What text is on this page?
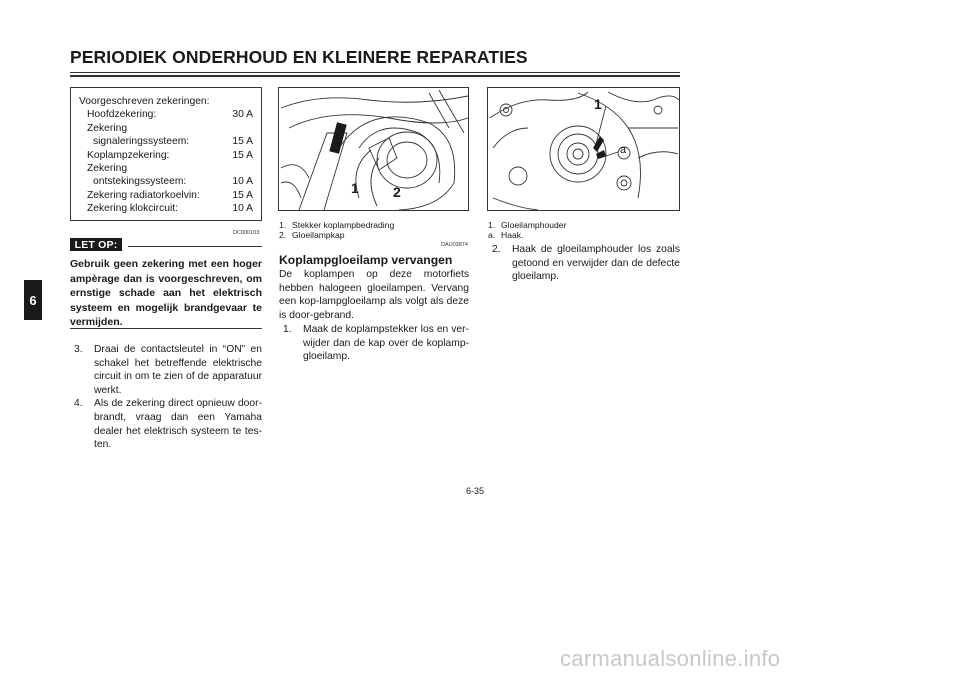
PERIODIEK ONDERHOUD EN KLEINERE REPARATIES
6
Voorgeschreven zekeringen:
Hoofdzekering:	30 A
Zekering
signaleringssysteem:	15 A
Koplampzekering:	15 A
Zekering
ontstekingssysteem:	10 A
Zekering radiatorkoelvin:	15 A
Zekering klokcircuit:	10 A
DC000103
LET OP:
Gebruik geen zekering met een hoger ampèrage dan is voorgeschreven, om ernstige schade aan het elektrisch systeem en mogelijk brandgevaar te vermijden.
3.	Draai de contactsleutel in “ON” en schakel het betreffende elektrische circuit in om te zien of de apparatuur werkt.
4.	Als de zekering direct opnieuw door-brandt, vraag dan een Yamaha dealer het elektrisch systeem te tes-ten.
1 2
1. Stekker koplampbedrading
2. Gloeilampkap
DAU03874
Koplampgloeilamp vervangen
De koplampen op deze motorfiets hebben halogeen gloeilampen. Vervang een kop-lampgloeilamp als volgt als deze is door-gebrand.
1.	Maak de koplampstekker los en ver-wijder dan de kap over de koplamp-gloeilamp.
1
a
1. Gloeilamphouder
a. Haak.
2.	Haak de gloeilamphouder los zoals getoond en verwijder dan de defecte gloeilamp.
6-35
carmanualsonline.info
